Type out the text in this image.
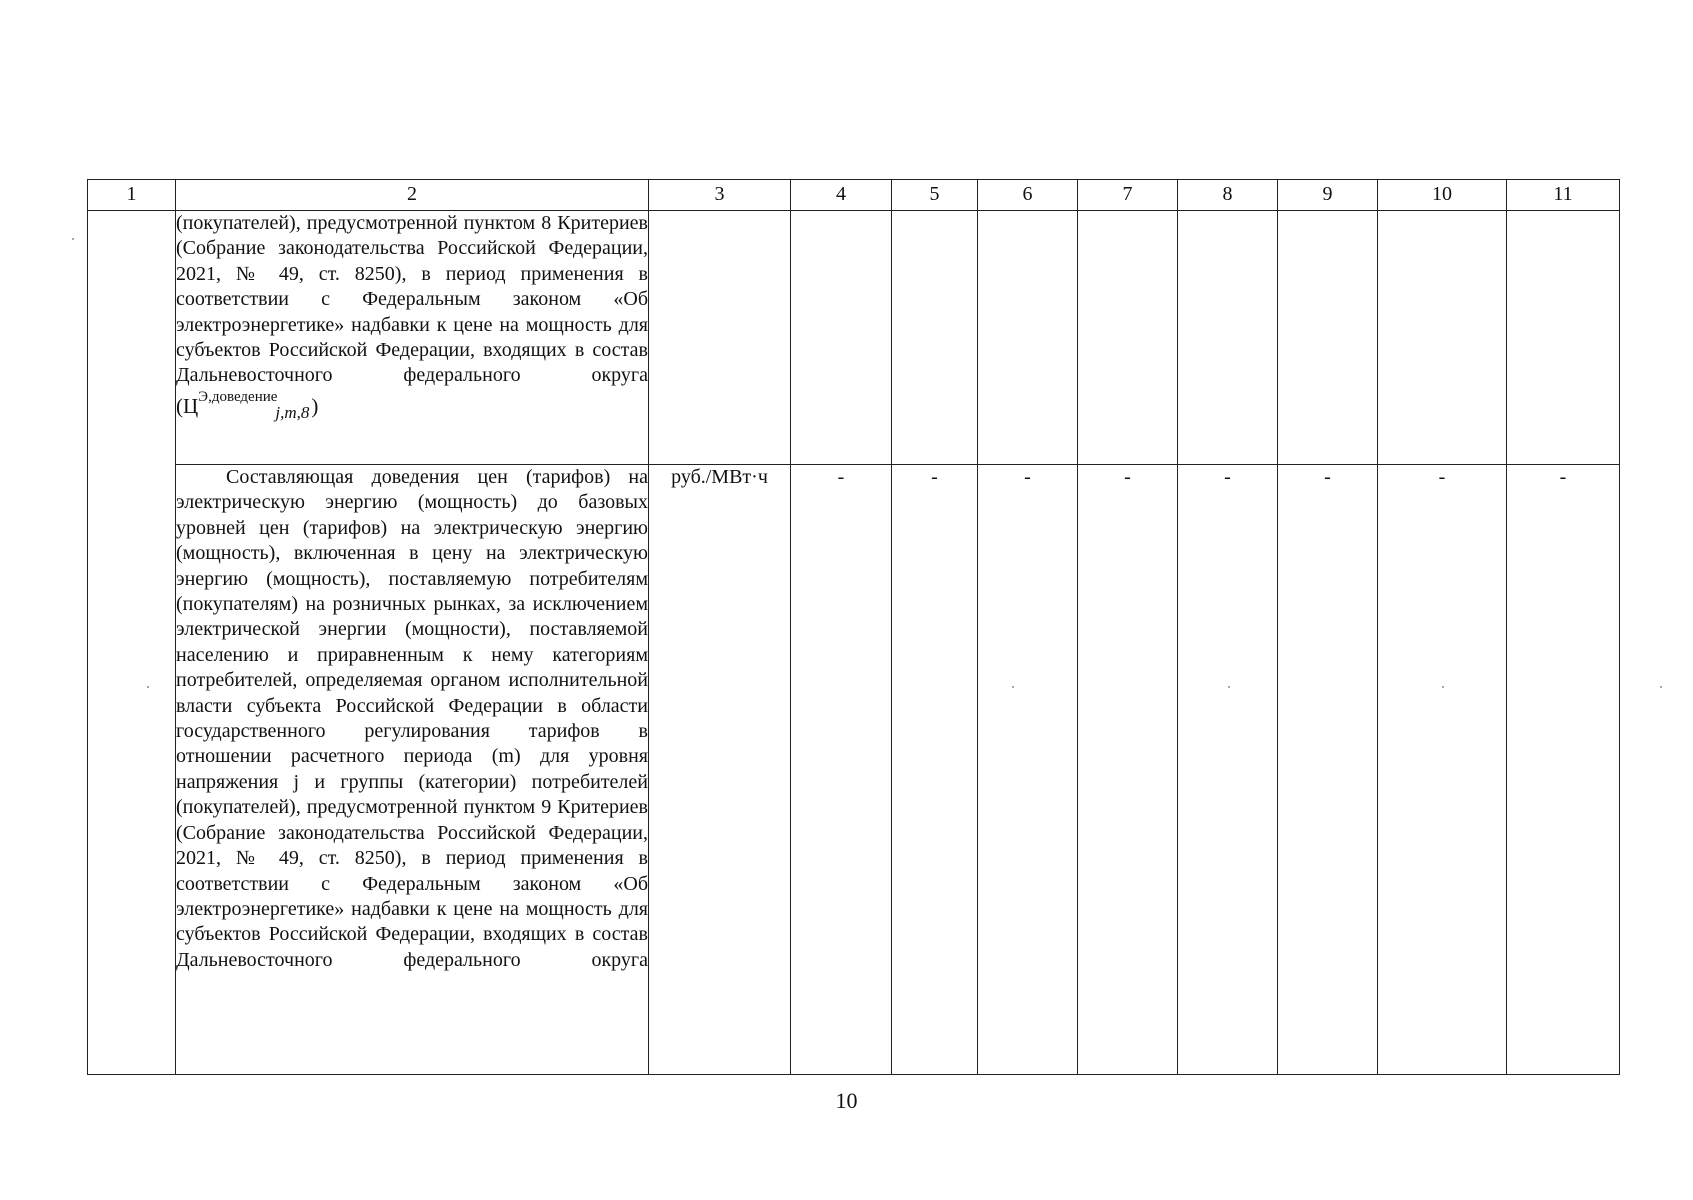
1	2	3	4	5	6	7	8	9	10	11
	(покупателей), предусмотренной пунктом 8 Критериев (Собрание законодательства Российской Федерации, 2021, № 49, ст. 8250), в период применения в соответствии с Федеральным законом «Об электроэнергетике» надбавки к цене на мощность для субъектов Российской Федерации, входящих в состав Дальневосточного федерального округа
$(Ц^{Э,доведение}_{j,m,8})$									

	Составляющая доведения цен (тарифов) на электрическую энергию (мощность) до базовых уровней цен (тарифов) на электрическую энергию (мощность), включенная в цену на электрическую энергию (мощность), поставляемую потребителям (покупателям) на розничных рынках, за исключением электрической энергии (мощности), поставляемой населению и приравненным к нему категориям потребителей, определяемая органом исполнительной власти субъекта Российской Федерации в области государственного регулирования тарифов в отношении расчетного периода (m) для уровня напряжения j и группы (категории) потребителей (покупателей), предусмотренной пунктом 9 Критериев (Собрание законодательства Российской Федерации, 2021, № 49, ст. 8250), в период применения в соответствии с Федеральным законом «Об электроэнергетике» надбавки к цене на мощность для субъектов Российской Федерации, входящих в состав Дальневосточного федерального округа	руб./МВт·ч	-	-	-	-	-	-	-	-
10
